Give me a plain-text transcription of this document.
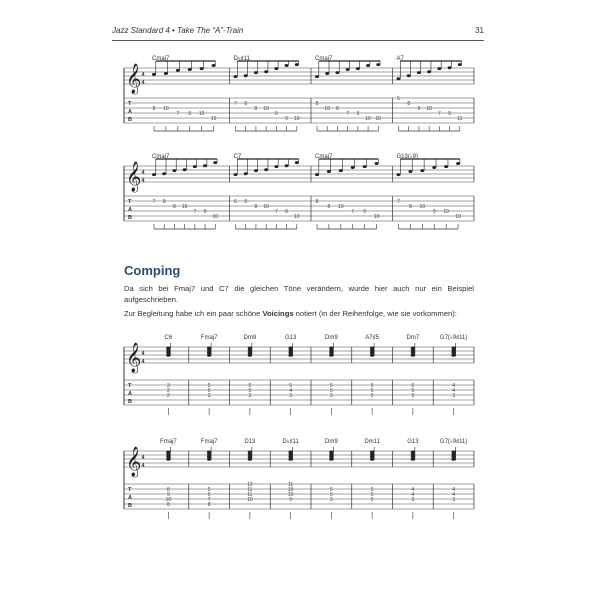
Jazz Standard 4 • Take The “A”-Train	31
𝄞 4
4
T
A
B
Cmaj7
8 10
7 9 10
10
D♭♯11
7 8
8 10
9
9 10
Cmaj7
8
10 8
7 9
10 10
A7
5
8
9 10
7 9
11
𝄞 4
4
T
A
B
Cmaj7
7 8
8 10
7 9
10
C7
6 8
8 10
7 8
10
Cmaj7
8
8 10
7 9
10
G13(♭9)
7
8 10
9 10
10
𝄞 4
4
T
A
B
C6
3
2
2
Fmaj7
5
5
3
Dm9
5
5
3
G13
5
4
3
Dm9
5
5
3
A7♯5
6
6
5
Dm7
6
5
5
G7(♭9♯11)
4
4
3
𝄞 4
4
T
A
B
Fmaj7
8
9
10
8
Fmaj7
5
5
7
8
D13
12
11
11
10
D♭♯11
11
10
10
9
Dm9
5
5
3
Dm11
5
5
5
G13
4
4
3
G7(♭9♯11)
4
4
3
Comping

Da sich bei Fmaj7 und C7 die gleichen Töne verändern, wurde hier auch nur ein Beispiel aufgeschrieben.

Zur Begleitung habe ich ein paar schöne Voicings notiert (in der Reihenfolge, wie sie vorkommen):
